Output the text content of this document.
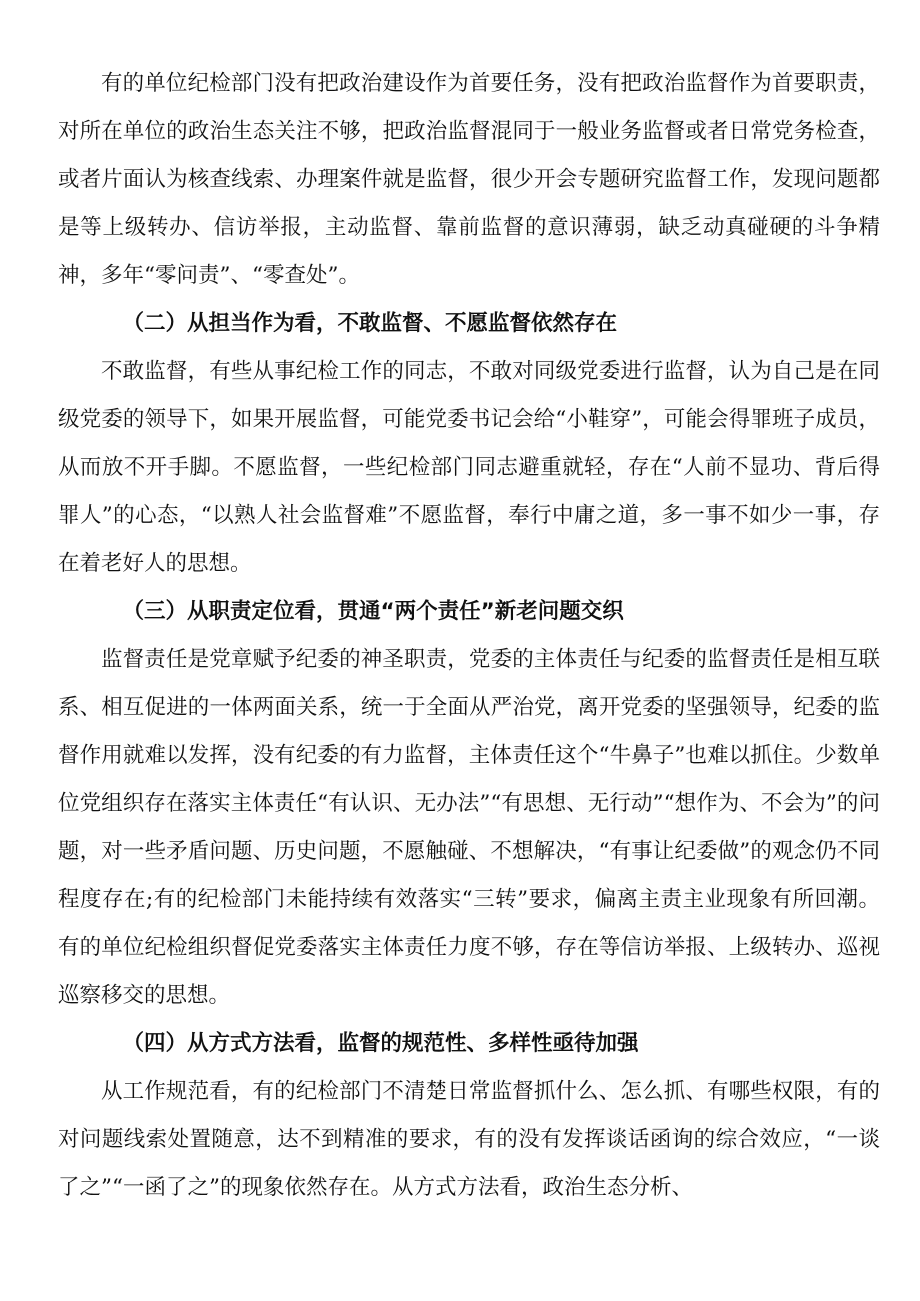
有的单位纪检部门没有把政治建设作为首要任务，没有把政治监督作为首要职责，对所在单位的政治生态关注不够，把政治监督混同于一般业务监督或者日常党务检查，或者片面认为核查线索、办理案件就是监督，很少开会专题研究监督工作，发现问题都是等上级转办、信访举报，主动监督、靠前监督的意识薄弱，缺乏动真碰硬的斗争精神，多年“零问责”、“零查处”。

（二）从担当作为看，不敢监督、不愿监督依然存在

不敢监督，有些从事纪检工作的同志，不敢对同级党委进行监督，认为自己是在同级党委的领导下，如果开展监督，可能党委书记会给“小鞋穿”，可能会得罪班子成员，从而放不开手脚。不愿监督，一些纪检部门同志避重就轻，存在“人前不显功、背后得罪人”的心态，“以熟人社会监督难”不愿监督，奉行中庸之道，多一事不如少一事，存在着老好人的思想。

（三）从职责定位看，贯通“两个责任”新老问题交织

监督责任是党章赋予纪委的神圣职责，党委的主体责任与纪委的监督责任是相互联系、相互促进的一体两面关系，统一于全面从严治党，离开党委的坚强领导，纪委的监督作用就难以发挥，没有纪委的有力监督，主体责任这个“牛鼻子”也难以抓住。少数单位党组织存在落实主体责任“有认识、无办法”“有思想、无行动”“想作为、不会为”的问题，对一些矛盾问题、历史问题，不愿触碰、不想解决，“有事让纪委做”的观念仍不同程度存在;有的纪检部门未能持续有效落实“三转”要求，偏离主责主业现象有所回潮。有的单位纪检组织督促党委落实主体责任力度不够，存在等信访举报、上级转办、巡视巡察移交的思想。

（四）从方式方法看，监督的规范性、多样性亟待加强

从工作规范看，有的纪检部门不清楚日常监督抓什么、怎么抓、有哪些权限，有的对问题线索处置随意，达不到精准的要求，有的没有发挥谈话函询的综合效应，“一谈了之”“一函了之”的现象依然存在。从方式方法看，政治生态分析、
